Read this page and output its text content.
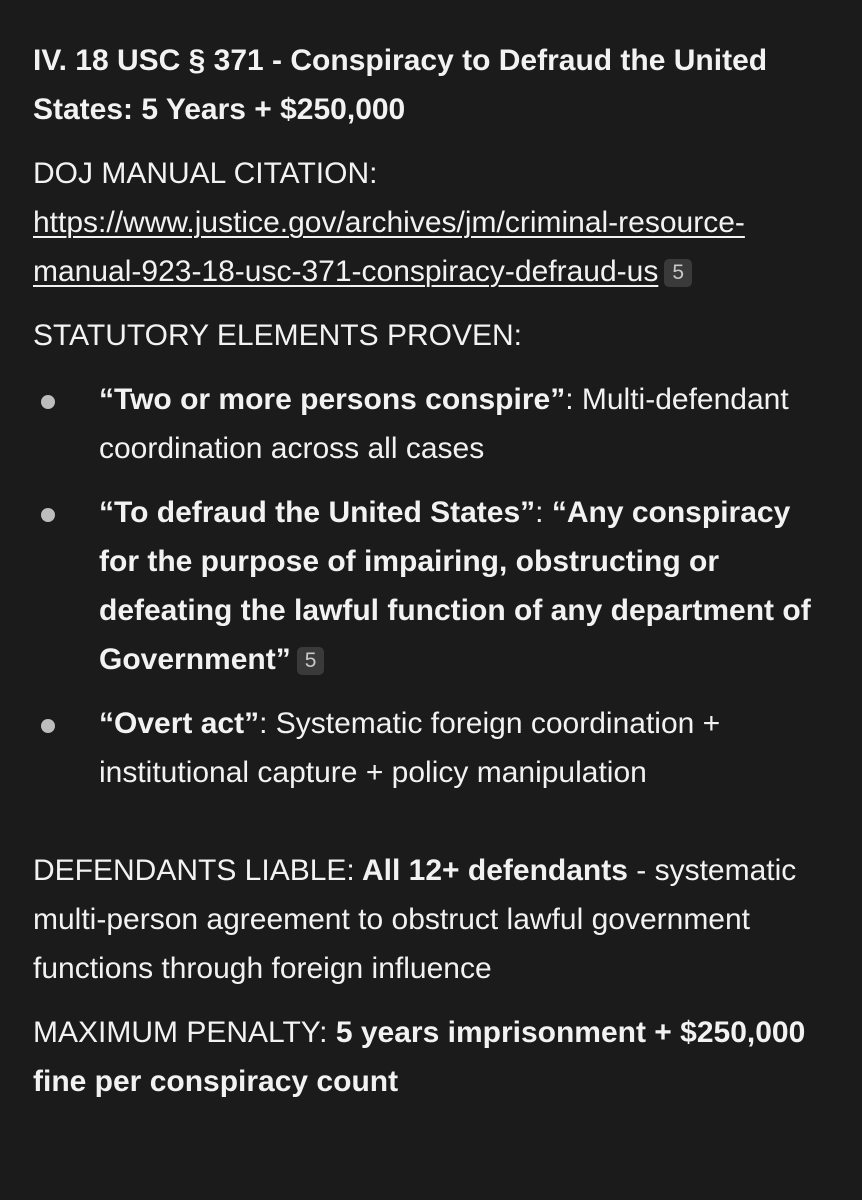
IV. 18 USC § 371 - Conspiracy to Defraud the United States: 5 Years + $250,000

DOJ MANUAL CITATION: https://www.justice.gov/archives/jm/criminal-resource-manual-923-18-usc-371-conspiracy-defraud-us 5

STATUTORY ELEMENTS PROVEN:

“Two or more persons conspire”: Multi-defendant coordination across all cases
“To defraud the United States”: “Any conspiracy for the purpose of impairing, obstructing or defeating the lawful function of any department of Government” 5
“Overt act”: Systematic foreign coordination + institutional capture + policy manipulation

DEFENDANTS LIABLE: All 12+ defendants - systematic multi-person agreement to obstruct lawful government functions through foreign influence

MAXIMUM PENALTY: 5 years imprisonment + $250,000 fine per conspiracy count
